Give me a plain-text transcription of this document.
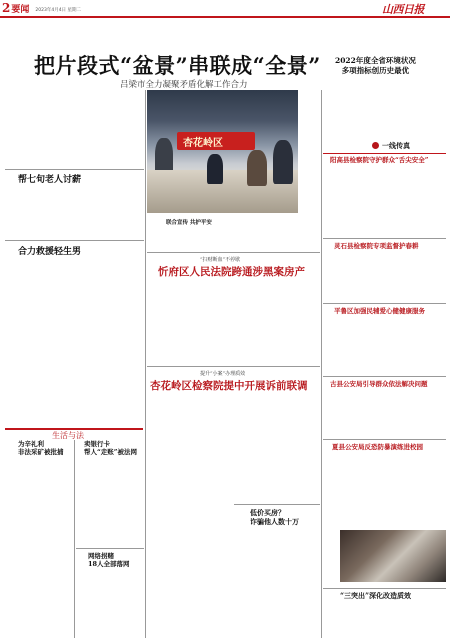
2 要闻 2023年4月4日 星期二	山西日报
把片段式“盆景”串联成“全景”
吕梁市全力凝聚矛盾化解工作合力
杏花岭区
联合宣传 共护平安
帮七旬老人讨薪
合力救援轻生男
生活与法
为辛礼利
非法采矿被批捕
卖银行卡
帮人“走账”被法网
网络拐赌
18人全部落网
“扫财断血”不停歇
忻府区人民法院跨通涉黑案房产
提升“小案”办理质效
杏花岭区检察院提中开展诉前联调
低价买房？
诈骗他人数十万
2022年度全省环境状况
多项指标创历史最优
一线传真
阳高县检察院守护群众“舌尖安全”
灵石县检察院专项监督护春耕
平鲁区加强民辅爱心健健康服务
古县公安局引导群众依法解决问题
夏县公安局反恐防暴演练进校园
“三突出”深化改造质效
